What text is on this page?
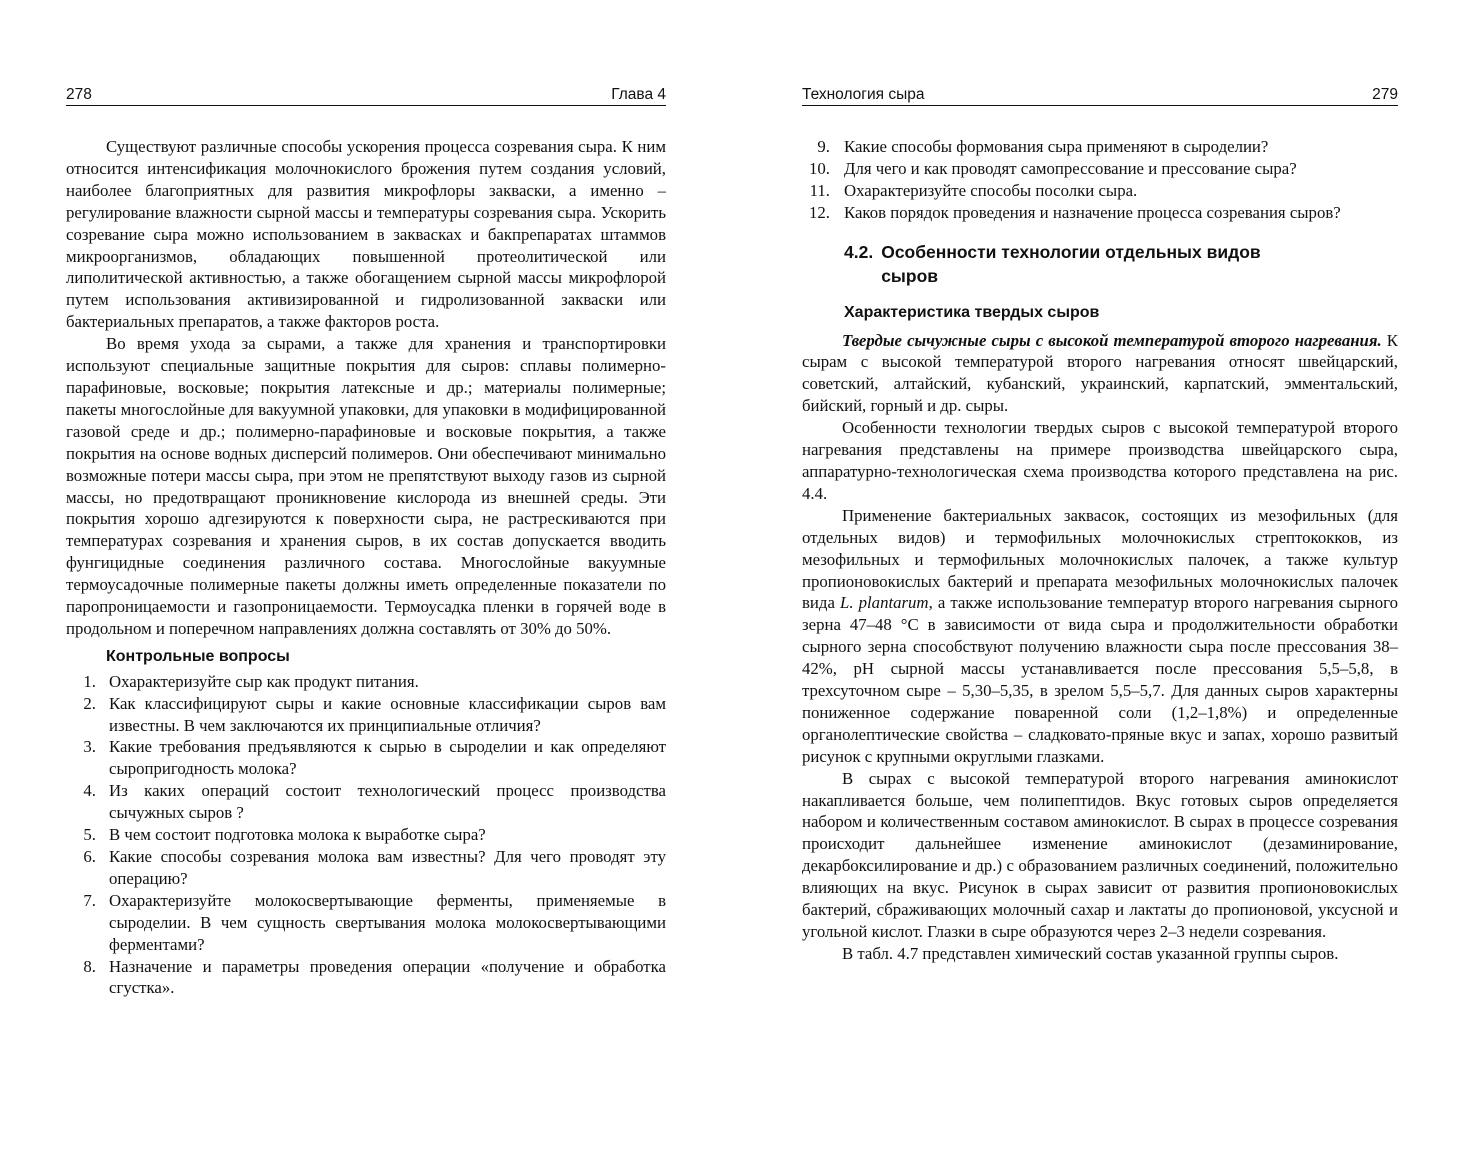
278	Глава 4

Существуют различные способы ускорения процесса созревания сыра. К ним относится интенсификация молочнокислого брожения путем создания условий, наиболее благоприятных для развития микрофлоры закваски, а именно – регулирование влажности сырной массы и температуры созревания сыра. Ускорить созревание сыра можно использованием в заквасках и бакпрепаратах штаммов микроорганизмов, обладающих повышенной протеолитической или липолитической активностью, а также обогащением сырной массы микрофлорой путем использования активизированной и гидролизованной закваски или бактериальных препаратов, а также факторов роста.

Во время ухода за сырами, а также для хранения и транспортировки используют специальные защитные покрытия для сыров: сплавы полимерно-парафиновые, восковые; покрытия латексные и др.; материалы полимерные; пакеты многослойные для вакуумной упаковки, для упаковки в модифицированной газовой среде и др.; полимерно-парафиновые и восковые покрытия, а также покрытия на основе водных дисперсий полимеров. Они обеспечивают минимально возможные потери массы сыра, при этом не препятствуют выходу газов из сырной массы, но предотвращают проникновение кислорода из внешней среды. Эти покрытия хорошо адгезируются к поверхности сыра, не растрескиваются при температурах созревания и хранения сыров, в их состав допускается вводить фунгицидные соединения различного состава. Многослойные вакуумные термоусадочные полимерные пакеты должны иметь определенные показатели по паропроницаемости и газопроницаемости. Термоусадка пленки в горячей воде в продольном и поперечном направлениях должна составлять от 30% до 50%.

Контрольные вопросы
1. Охарактеризуйте сыр как продукт питания.
2. Как классифицируют сыры и какие основные классификации сыров вам известны. В чем заключаются их принципиальные отличия?
3. Какие требования предъявляются к сырью в сыроделии и как определяют сыропригодность молока?
4. Из каких операций состоит технологический процесс производства сычужных сыров ?
5. В чем состоит подготовка молока к выработке сыра?
6. Какие способы созревания молока вам известны? Для чего проводят эту операцию?
7. Охарактеризуйте молокосвертывающие ферменты, применяемые в сыроделии. В чем сущность свертывания молока молокосвертывающими ферментами?
8. Назначение и параметры проведения операции «получение и обработка сгустка».
Технология сыра	279
9. Какие способы формования сыра применяют в сыроделии?
10. Для чего и как проводят самопрессование и прессование сыра?
11. Охарактеризуйте способы посолки сыра.
12. Каков порядок проведения и назначение процесса созревания сыров?
4.2. Особенности технологии отдельных видов сыров
Характеристика твердых сыров

Твердые сычужные сыры с высокой температурой второго нагревания. К сырам с высокой температурой второго нагревания относят швейцарский, советский, алтайский, кубанский, украинский, карпатский, эмментальский, бийский, горный и др. сыры.

Особенности технологии твердых сыров с высокой температурой второго нагревания представлены на примере производства швейцарского сыра, аппаратурно-технологическая схема производства которого представлена на рис. 4.4.

Применение бактериальных заквасок, состоящих из мезофильных (для отдельных видов) и термофильных молочнокислых стрептококков, из мезофильных и термофильных молочнокислых палочек, а также культур пропионовокислых бактерий и препарата мезофильных молочнокислых палочек вида L. plantarum, а также использование температур второго нагревания сырного зерна 47–48 °С в зависимости от вида сыра и продолжительности обработки сырного зерна способствуют получению влажности сыра после прессования 38–42%, pH сырной массы устанавливается после прессования 5,5–5,8, в трехсуточном сыре – 5,30–5,35, в зрелом 5,5–5,7. Для данных сыров характерны пониженное содержание поваренной соли (1,2–1,8%) и определенные органолептические свойства – сладковато-пряные вкус и запах, хорошо развитый рисунок с крупными округлыми глазками.

В сырах с высокой температурой второго нагревания аминокислот накапливается больше, чем полипептидов. Вкус готовых сыров определяется набором и количественным составом аминокислот. В сырах в процессе созревания происходит дальнейшее изменение аминокислот (дезаминирование, декарбоксилирование и др.) с образованием различных соединений, положительно влияющих на вкус. Рисунок в сырах зависит от развития пропионовокислых бактерий, сбраживающих молочный сахар и лактаты до пропионовой, уксусной и угольной кислот. Глазки в сыре образуются через 2–3 недели созревания.

В табл. 4.7 представлен химический состав указанной группы сыров.
